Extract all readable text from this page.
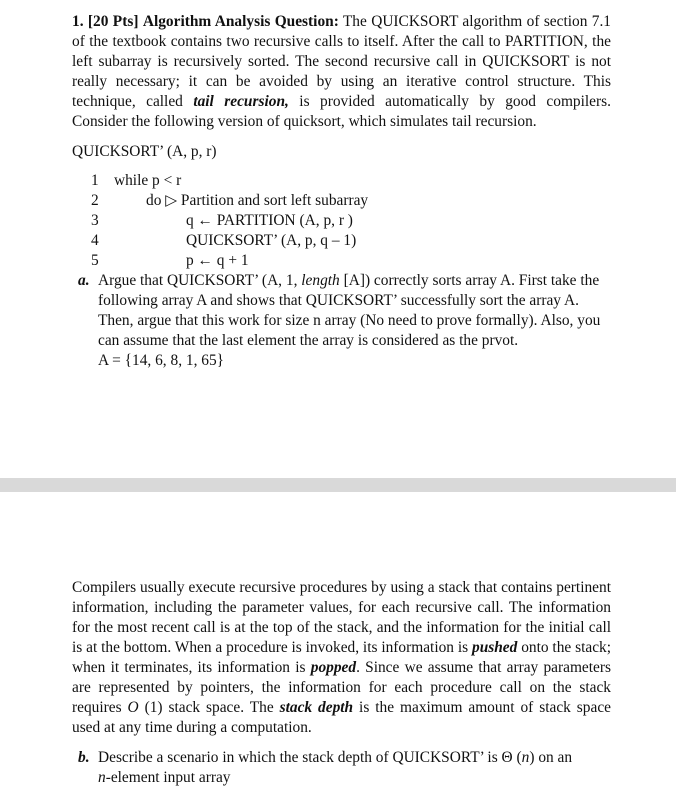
1. [20 Pts] Algorithm Analysis Question: The QUICKSORT algorithm of section 7.1 of the textbook contains two recursive calls to itself. After the call to PARTITION, the left subarray is recursively sorted. The second recursive call in QUICKSORT is not really necessary; it can be avoided by using an iterative control structure. This technique, called tail recursion, is provided automatically by good compilers. Consider the following version of quicksort, which simulates tail recursion.

QUICKSORT’ (A, p, r)
1 while p < r
2	do ▷ Partition and sort left subarray
3	q ← PARTITION (A, p, r )
4	QUICKSORT’ (A, p, q – 1)
5	p ← q + 1
a. Argue that QUICKSORT’ (A, 1, length [A]) correctly sorts array A. First take the following array A and shows that QUICKSORT’ successfully sort the array A. Then, argue that this work for size n array (No need to prove formally). Also, you can assume that the last element the array is considered as the prvot.
A = {14, 6, 8, 1, 65}

Compilers usually execute recursive procedures by using a stack that contains pertinent information, including the parameter values, for each recursive call. The information for the most recent call is at the top of the stack, and the information for the initial call is at the bottom. When a procedure is invoked, its information is pushed onto the stack; when it terminates, its information is popped. Since we assume that array parameters are represented by pointers, the information for each procedure call on the stack requires O (1) stack space. The stack depth is the maximum amount of stack space used at any time during a computation.

b. Describe a scenario in which the stack depth of QUICKSORT’ is Θ (n) on an
n-element input array
